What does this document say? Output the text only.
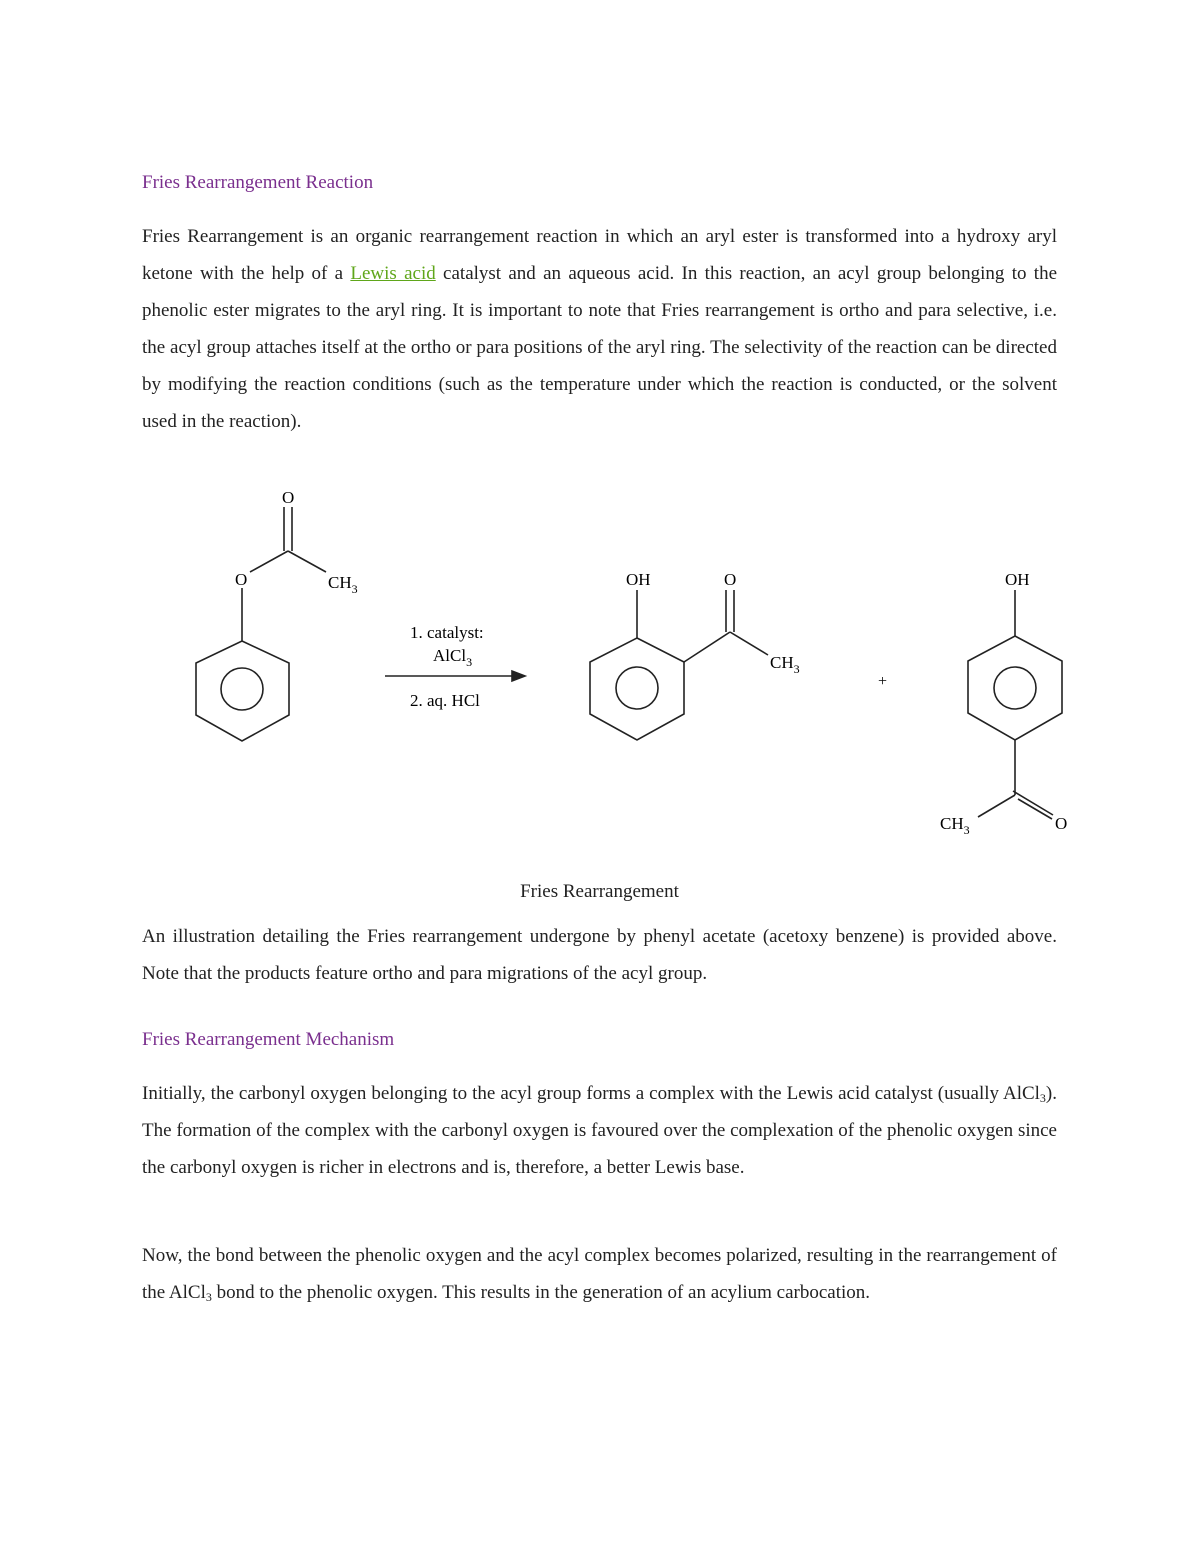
Fries Rearrangement Reaction

Fries Rearrangement is an organic rearrangement reaction in which an aryl ester is transformed into a hydroxy aryl ketone with the help of a Lewis acid catalyst and an aqueous acid. In this reaction, an acyl group belonging to the phenolic ester migrates to the aryl ring. It is important to note that Fries rearrangement is ortho and para selective, i.e. the acyl group attaches itself at the ortho or para positions of the aryl ring. The selectivity of the reaction can be directed by modifying the reaction conditions (such as the temperature under which the reaction is conducted, or the solvent used in the reaction).

Fries Rearrangement

An illustration detailing the Fries rearrangement undergone by phenyl acetate (acetoxy benzene) is provided above. Note that the products feature ortho and para migrations of the acyl group.

Fries Rearrangement Mechanism

Initially, the carbonyl oxygen belonging to the acyl group forms a complex with the Lewis acid catalyst (usually AlCl$_3$). The formation of the complex with the carbonyl oxygen is favoured over the complexation of the phenolic oxygen since the carbonyl oxygen is richer in electrons and is, therefore, a better Lewis base.

Now, the bond between the phenolic oxygen and the acyl complex becomes polarized, resulting in the rearrangement of the AlCl$_3$ bond to the phenolic oxygen. This results in the generation of an acylium carbocation.

O
O	$CH_3$
1. catalyst:
AlCl$_3$
2. aq. HCl
OH	O
$CH_3$
+
OH
O
$CH_3$
